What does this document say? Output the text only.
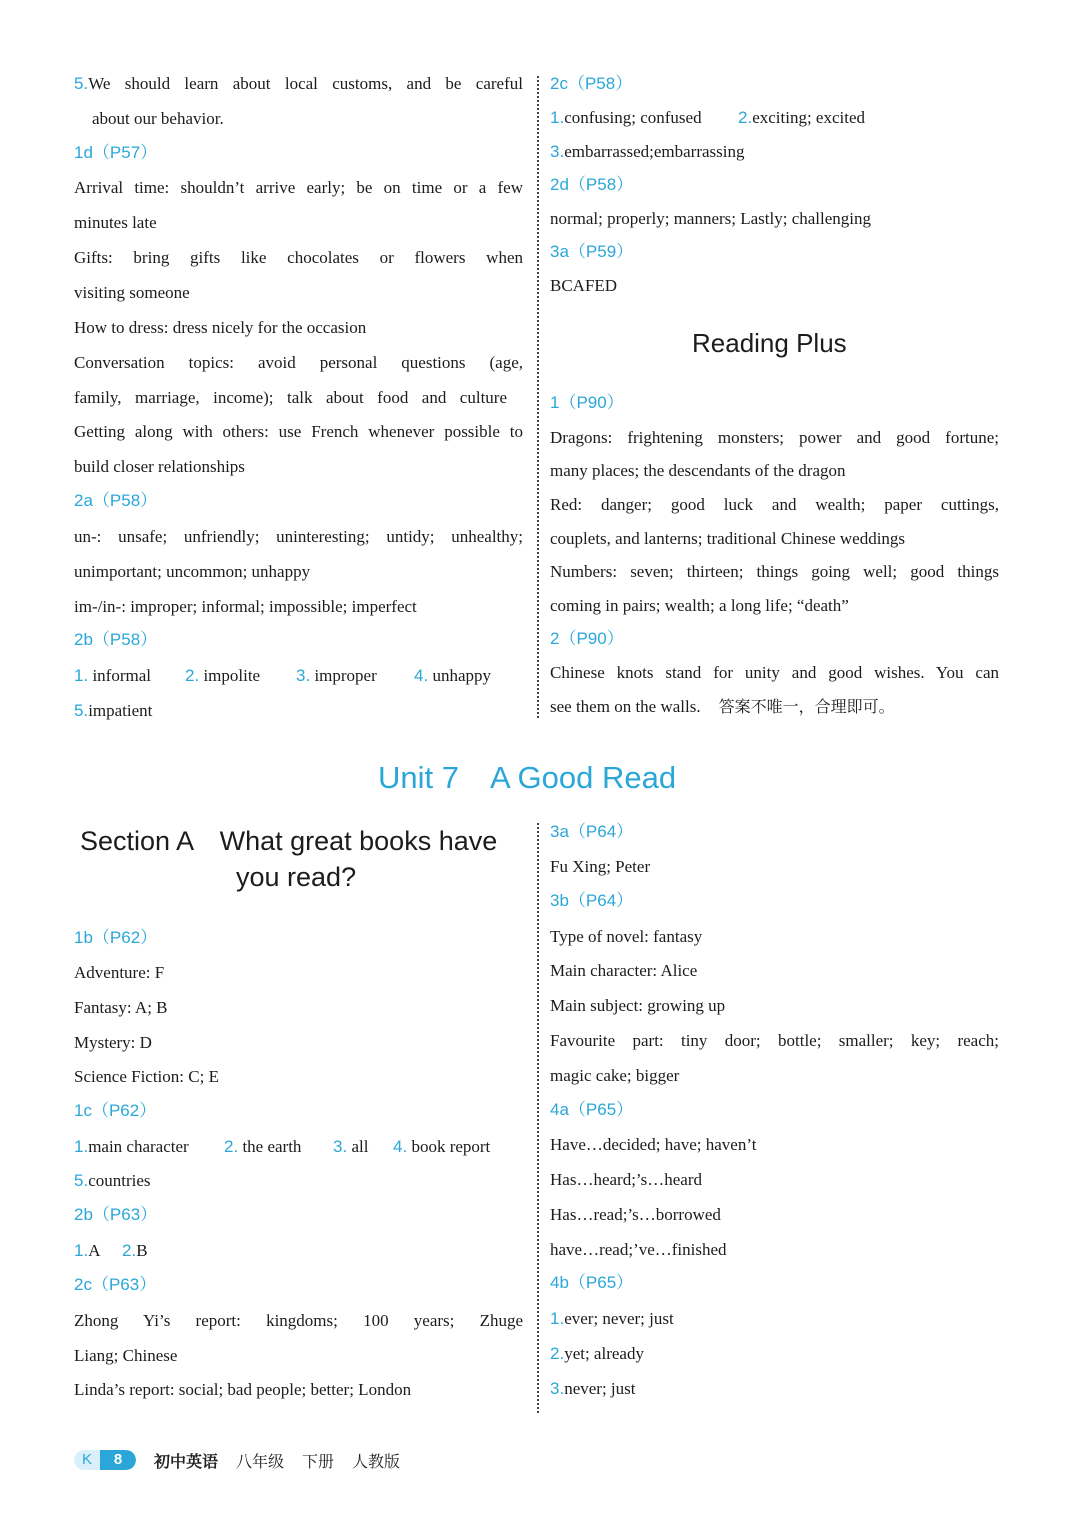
5.We should learn about local customs, and be careful
about our behavior.
1d（P57）
Arrival time: shouldn’t arrive early; be on time or a few
minutes late
Gifts: bring gifts like chocolates or flowers when
visiting someone
How to dress: dress nicely for the occasion
Conversation topics: avoid personal questions (age,
family, marriage, income); talk about food and culture
Getting along with others: use French whenever possible to
build closer relationships
2a（P58）
un-: unsafe; unfriendly; uninteresting; untidy; unhealthy;
unimportant; uncommon; unhappy
im-/in-: improper; informal; impossible; imperfect
2b（P58）
1. informal 2. impolite 3. improper 4. unhappy
5.impatient
2c（P58）
1.confusing; confused 2.exciting; excited
3.embarrassed;embarrassing
2d（P58）
normal; properly; manners; Lastly; challenging
3a（P59）
BCAFED
Reading Plus
1（P90）
Dragons: frightening monsters; power and good fortune;
many places; the descendants of the dragon
Red: danger; good luck and wealth; paper cuttings,
couplets, and lanterns; traditional Chinese weddings
Numbers: seven; thirteen; things going well; good things
coming in pairs; wealth; a long life; “death”
2（P90）
Chinese knots stand for unity and good wishes. You can
see them on the walls. 答案不唯一，合理即可。
Unit 7　A Good Read
Section A　What great books have
you read?
1b（P62）
Adventure: F
Fantasy: A; B
Mystery: D
Science Fiction: C; E
1c（P62）
1.main character 2. the earth 3. all 4. book report
5.countries
2b（P63）
1.A 2.B
2c（P63）
Zhong Yi’s report: kingdoms; 100 years; Zhuge
Liang; Chinese
Linda’s report: social; bad people; better; London
3a（P64）
Fu Xing; Peter
3b（P64）
Type of novel: fantasy
Main character: Alice
Main subject: growing up
Favourite part: tiny door; bottle; smaller; key; reach;
magic cake; bigger
4a（P65）
Have…decided; have; haven’t
Has…heard;’s…heard
Has…read;’s…borrowed
have…read;’ve…finished
4b（P65）
1.ever; never; just
2.yet; already
3.never; just
K	8	初中英语 八年级 下册 人教版
